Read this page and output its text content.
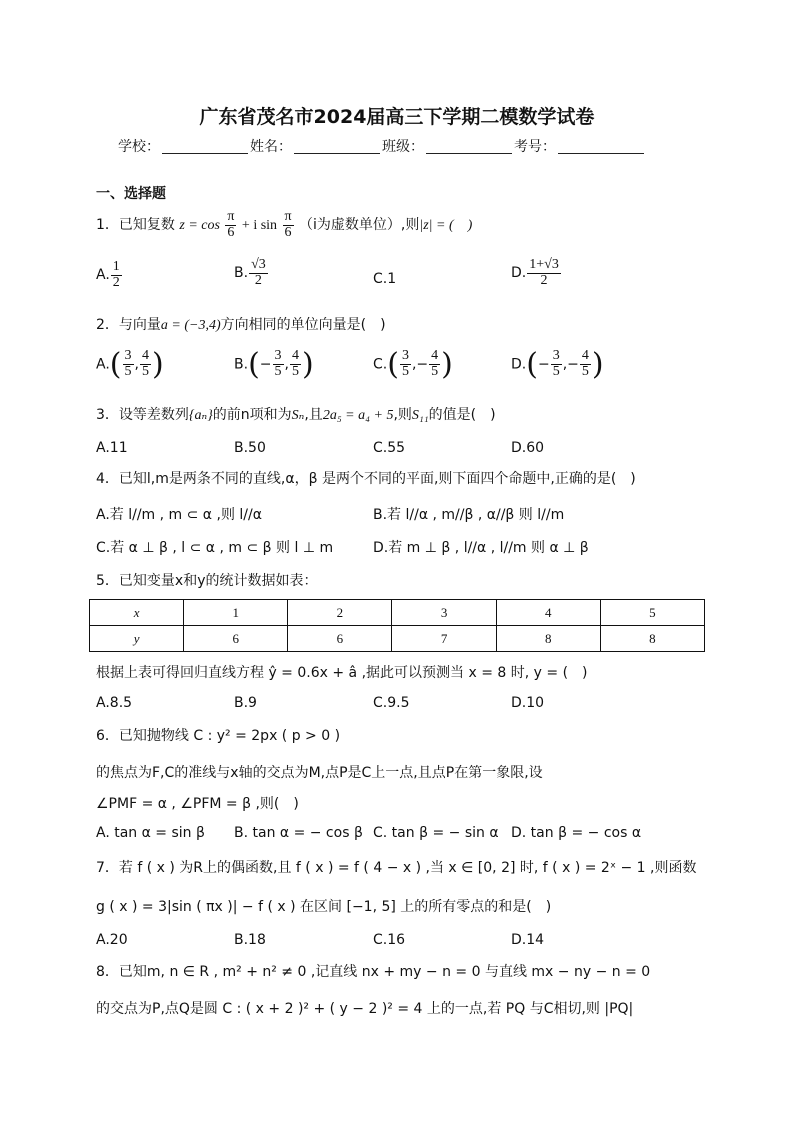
广东省茂名市2024届高三下学期二模数学试卷
学校：	姓名：	班级：	考号：
一、选择题
1．已知复数 $z = \cos \frac{\pi}{6} + i$ $\sin \frac{\pi}{6} (i$为虚数单位）,则|z| = (　)
A. $\frac{1}{2}$	B. $\frac{√3}{2}$	C.1	D. $\frac{1+√3}{2}$
2．与向量a = (−3,4)方向相同的单位向量是(　)
$A.( \frac{3}{5}$ , $\frac{4}{5}$ )	$B.(- \frac{3}{5}$ , $\frac{4}{5}$ )	$C.( \frac{3}{5}$ ,− $\frac{4}{5}$ )	$D.(- \frac{3}{5}$ ,− $\frac{4}{5}$ )
3．设等差数列{aₙ}的前n项和为Sₙ,且2a₅ = a₄ + 5,则S₁₁的值是(　)
A.11	B.50	C.55	D.60
4．已知l,m是两条不同的直线,α，β 是两个不同的平面,则下面四个命题中,正确的是(　)
A.若 l//m , m ⊂ α ,则 l//α	B.若 l//α , m//β , α//β 则 l//m
C.若 α ⊥ β , l ⊂ α , m ⊂ β 则 l ⊥ m	D.若 m ⊥ β , l//α , l//m 则 α ⊥ β
5．已知变量x和y的统计数据如表：
x	1	2	3	4	5
y	6	6	7	8	8
根据上表可得回归直线方程 ŷ = 0.6x + â ,据此可以预测当 x = 8 时, y = (　)
A.8.5	B.9	C.9.5	D.10
6．已知抛物线 C : y² = 2px ( p > 0 )
的焦点为F,C的准线与x轴的交点为M,点P是C上一点,且点P在第一象限,设
∠PMF = α , ∠PFM = β ,则(　)
A. tan α = sin β B. tan α = − cos β C. tan β = − sin α D. tan β = − cos α
7．若 f ( x ) 为R上的偶函数,且 f ( x ) = f ( 4 − x ) ,当 x ∈ [0, 2] 时, f ( x ) = 2ˣ − 1 ,则函数
g ( x ) = 3|sin ( πx )| − f ( x ) 在区间 [−1, 5] 上的所有零点的和是(　)
A.20	B.18	C.16	D.14
8．已知m, n ∈ R , m² + n² ≠ 0 ,记直线 nx + my − n = 0 与直线 mx − ny − n = 0
的交点为P,点Q是圆 C : ( x + 2 )² + ( y − 2 )² = 4 上的一点,若 PQ 与C相切,则 |PQ|
